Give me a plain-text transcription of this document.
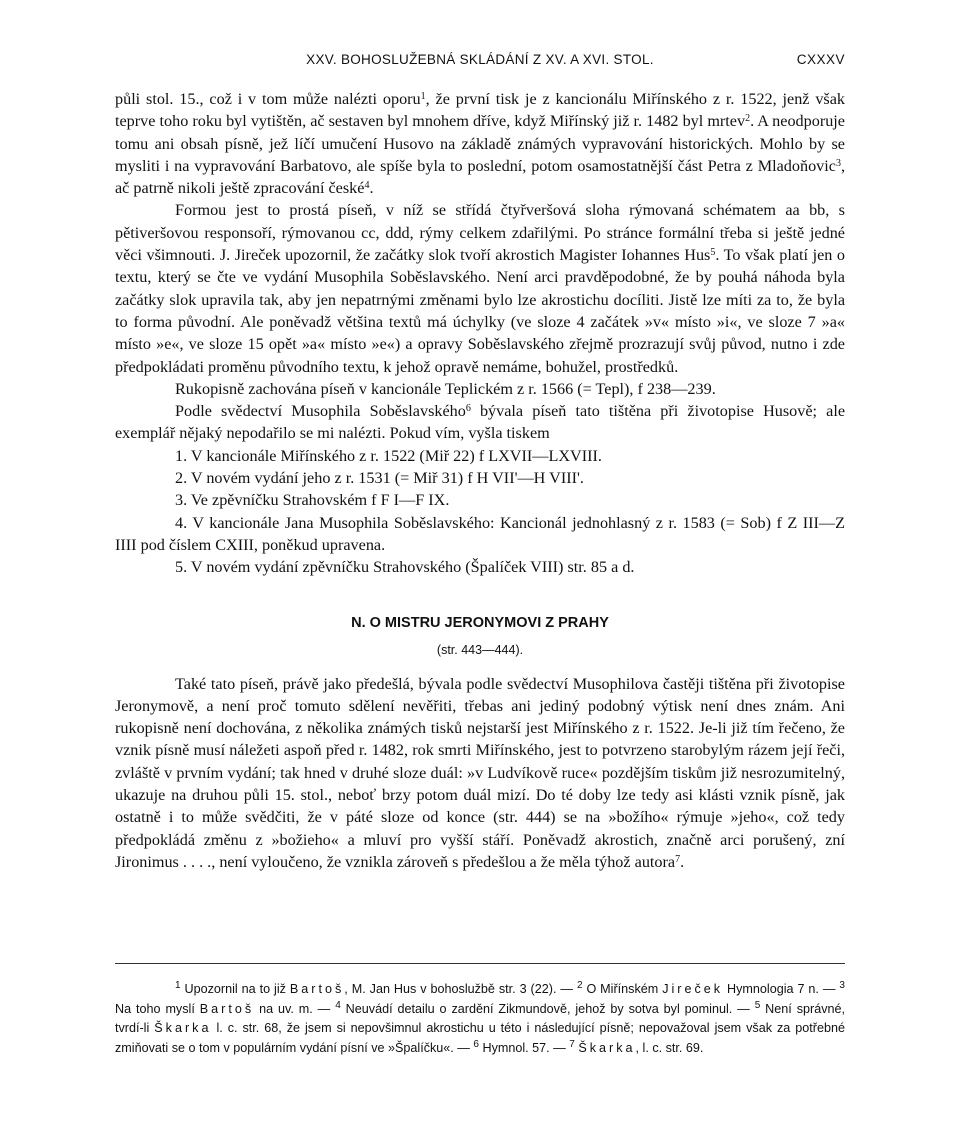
XXV. BOHOSLUŽEBNÁ SKLÁDÁNÍ Z XV. A XVI. STOL.	CXXXV

půli stol. 15., což i v tom může nalézti oporu$^1$, že první tisk je z kancionálu Miřínského z r. 1522, jenž však teprve toho roku byl vytištěn, ač sestaven byl mnohem dříve, když Miřínský již r. 1482 byl mrtev$^2$. A neodporuje tomu ani obsah písně, jež líčí umučení Husovo na základě známých vypravování historických. Mohlo by se mysliti i na vypravování Barbatovo, ale spíše byla to poslední, potom osamostatnější část Petra z Mladoňovic$^3$, ač patrně nikoli ještě zpracování české$^4$.

Formou jest to prostá píseň, v níž se střídá čtyřveršová sloha rýmovaná schématem aa bb, s pětiveršovou responsoří, rýmovanou cc, ddd, rýmy celkem zdařilými. Po stránce formální třeba si ještě jedné věci všimnouti. J. Jireček upozornil, že začátky slok tvoří akrostich Magister Iohannes Hus$^5$. To však platí jen o textu, který se čte ve vydání Musophila Soběslavského. Není arci pravděpodobné, že by pouhá náhoda byla začátky slok upravila tak, aby jen nepatrnými změnami bylo lze akrostichu docíliti. Jistě lze míti za to, že byla to forma původní. Ale poněvadž většina textů má úchylky (ve sloze 4 začátek »v« místo »i«, ve sloze 7 »a« místo »e«, ve sloze 15 opět »a« místo »e«) a opravy Soběslavského zřejmě prozrazují svůj původ, nutno i zde předpokládati proměnu původního textu, k jehož opravě nemáme, bohužel, prostředků.

Rukopisně zachována píseň v kancionále Teplickém z r. 1566 (= Tepl), f 238—239.

Podle svědectví Musophila Soběslavského$^6$ bývala píseň tato tištěna při životopise Husově; ale exemplář nějaký nepodařilo se mi nalézti. Pokud vím, vyšla tiskem

1. V kancionále Miřínského z r. 1522 (Miř 22) f LXVII—LXVIII.
2. V novém vydání jeho z r. 1531 (= Miř 31) f H VII'—H VIII'.
3. Ve zpěvníčku Strahovském f F I—F IX.
4. V kancionále Jana Musophila Soběslavského: Kancionál jednohlasný z r. 1583 (= Sob) f Z III—Z IIII pod číslem CXIII, poněkud upravena.
5. V novém vydání zpěvníčku Strahovského (Špalíček VIII) str. 85 a d.
N. O MISTRU JERONYMOVI Z PRAHY
(str. 443—444).

Také tato píseň, právě jako předešlá, bývala podle svědectví Musophilova častěji tištěna při životopise Jeronymově, a není proč tomuto sdělení nevěřiti, třebas ani jediný podobný výtisk není dnes znám. Ani rukopisně není dochována, z několika známých tisků nejstarší jest Miřínského z r. 1522. Je-li již tím řečeno, že vznik písně musí náležeti aspoň před r. 1482, rok smrti Miřínského, jest to potvrzeno starobylým rázem její řeči, zvláště v prvním vydání; tak hned v druhé sloze duál: »v Ludvíkově ruce« pozdějším tiskům již nesrozumitelný, ukazuje na druhou půli 15. stol., neboť brzy potom duál mizí. Do té doby lze tedy asi klásti vznik písně, jak ostatně i to může svědčiti, že v páté sloze od konce (str. 444) se na »božího« rýmuje »jeho«, což tedy předpokládá změnu z »božieho« a mluví pro vyšší stáří. Poněvadž akrostich, značně arci porušený, zní Jironimus . . . ., není vyloučeno, že vznikla zároveň s předešlou a že měla týhož autora$^7$.

$^1$ Upozornil na to již Bartoš, M. Jan Hus v bohoslužbě str. 3 (22). — $^2$ O Miřínském Jireček Hymnologia 7 n. — $^3$ Na toho myslí Bartoš na uv. m. — $^4$ Neuvádí detailu o zardění Zikmundově, jehož by sotva byl pominul. — $^5$ Není správné, tvrdí-li Škarka l. c. str. 68, že jsem si nepovšimnul akrostichu u této i následující písně; nepovažoval jsem však za potřebné zmiňovati se o tom v populárním vydání písní ve »Špalíčku«. — $^6$ Hymnol. 57. — $^7$ Škarka, l. c. str. 69.
